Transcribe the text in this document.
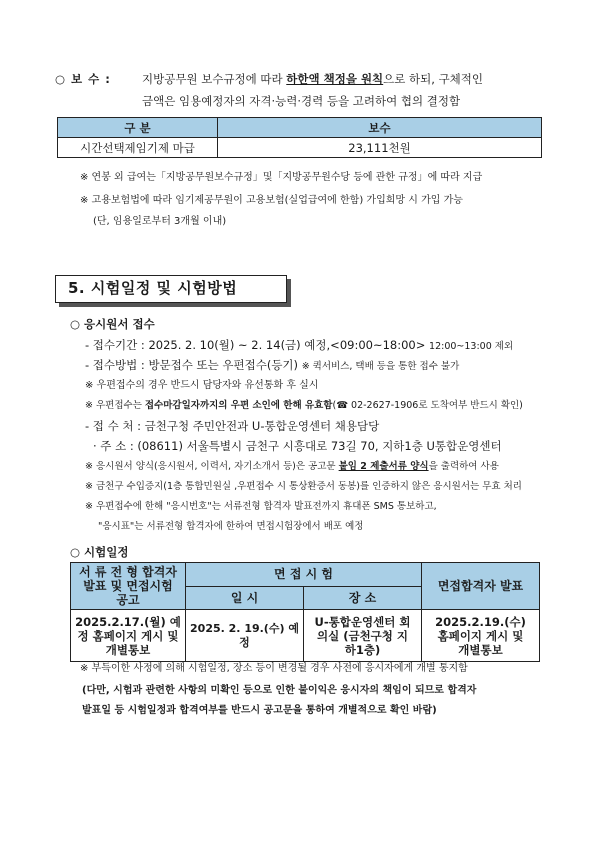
○ 보 수 :	지방공무원 보수규정에 따라 하한액 책정을 원칙으로 하되, 구체적인
금액은 임용예정자의 자격·능력·경력 등을 고려하여 협의 결정함
구 분	보수
시간선택제임기제 마급	23,111천원
※ 연봉 외 급여는「지방공무원보수규정」및「지방공무원수당 등에 관한 규정」에 따라 지급
※ 고용보험법에 따라 임기제공무원이 고용보험(실업급여에 한함) 가입희망 시 가입 가능
(단, 임용일로부터 3개월 이내)
5. 시험일정 및 시험방법
○ 응시원서 접수
- 접수기간 : 2025. 2. 10(월) ~ 2. 14(금) 예정,<09:00~18:00> 12:00~13:00 제외
- 접수방법 : 방문접수 또는 우편접수(등기) ※ 퀵서비스, 택배 등을 통한 접수 불가
※ 우편접수의 경우 반드시 담당자와 유선통화 후 실시
※ 우편접수는 접수마감일자까지의 우편 소인에 한해 유효함(☎ 02-2627-1906로 도착여부 반드시 확인)
- 접 수 처 : 금천구청 주민안전과 U-통합운영센터 채용담당
· 주 소 : (08611) 서울특별시 금천구 시흥대로 73길 70, 지하1층 U통합운영센터
※ 응시원서 양식(응시원서, 이력서, 자기소개서 등)은 공고문 붙임 2 제출서류 양식을 출력하여 사용
※ 금천구 수입증지(1층 통합민원실 ,우편접수 시 통상환증서 동봉)를 인증하지 않은 응시원서는 무효 처리
※ 우편접수에 한해 "응시번호"는 서류전형 합격자 발표전까지 휴대폰 SMS 통보하고,
"응시표"는 서류전형 합격자에 한하여 면접시험장에서 배포 예정
○ 시험일정
서 류 전 형 합격자 발표 및 면접시험 공고	면 접 시 험		면접합격자 발표
	일 시	장 소	
2025.2.17.(월) 예정 홈페이지 게시 및 개별통보	2025. 2. 19.(수) 예정	U-통합운영센터 회의실 (금천구청 지하1층)	2025.2.19.(수) 홈페이지 게시 및 개별통보
※ 부득이한 사정에 의해 시험일정, 장소 등이 변경될 경우 사전에 응시자에게 개별 통지함
(다만, 시험과 관련한 사항의 미확인 등으로 인한 불이익은 응시자의 책임이 되므로 합격자
발표일 등 시험일정과 합격여부를 반드시 공고문을 통하여 개별적으로 확인 바람)
